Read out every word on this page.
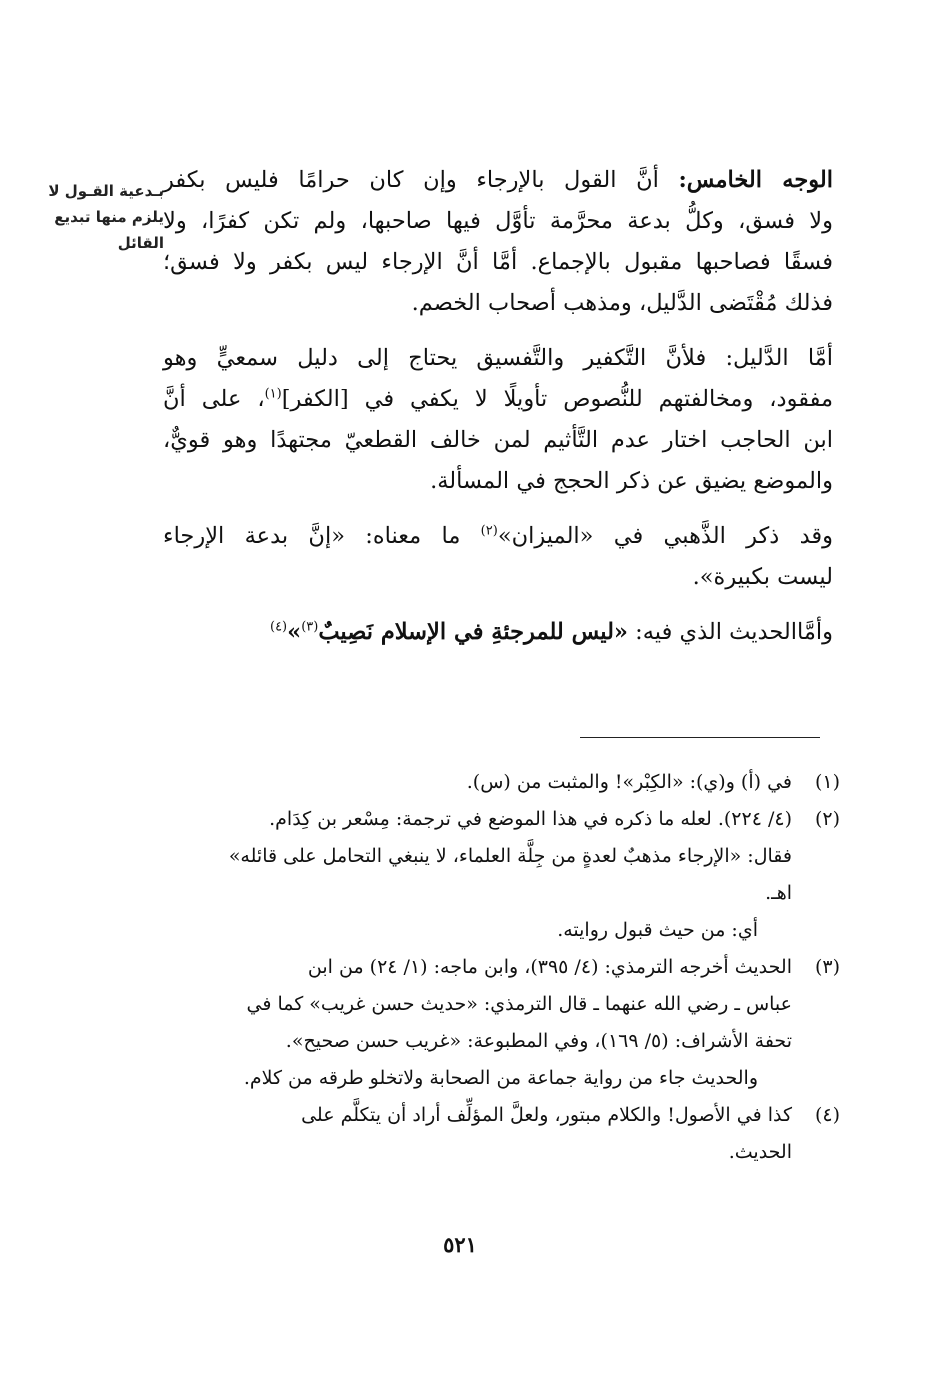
بـدعية القـول لا
يلزم منها تبديع
القائل
الوجه الخامس: أنَّ القول بالإرجاء وإن كان حرامًا فليس بكفر
ولا فسق، وكلُّ بدعة محرَّمة تأوَّل فيها صاحبها، ولم تكن كفرًا، ولا
فسقًا فصاحبها مقبول بالإجماع. أمَّا أنَّ الإرجاء ليس بكفر ولا فسق؛
فذلك مُقْتَضى الدَّليل، ومذهب أصحاب الخصم.
أمَّا الدَّليل: فلأنَّ التَّكفير والتَّفسيق يحتاج إلى دليل سمعيٍّ وهو
مفقود، ومخالفتهم للنُّصوص تأويلًا لا يكفي في [الكفر]$^{(١)}$، على أنَّ
ابن الحاجب اختار عدم التَّأثيم لمن خالف القطعيّ مجتهدًا وهو قويٌّ،
والموضع يضيق عن ذكر الحجج في المسألة.
وقد ذكر الذَّهبي في «الميزان»$^{(٢)}$ ما معناه: «إنَّ بدعة الإرجاء
ليست بكبيرة».
وأمَّاالحديث الذي فيه: «ليس للمرجئةِ في الإسلام نَصِيبٌ$^{(٣)}$»$^{(٤)}$
(١)
في (أ) و(ي): «الكِبْر»! والمثبت من (س).
(٢)
(٤/ ٢٢٤). لعله ما ذكره في هذا الموضع في ترجمة: مِسْعر بن كِدَام.
فقال: «الإرجاء مذهبٌ لعدةٍ من جِلَّة العلماء، لا ينبغي التحامل على قائله»
اهـ.
أي: من حيث قبول روايته.
(٣)
الحديث أخرجه الترمذي: (٤/ ٣٩٥)، وابن ماجه: (١/ ٢٤) من ابن
عباس ـ رضي الله عنهما ـ قال الترمذي: «حديث حسن غريب» كما في
تحفة الأشراف: (٥/ ١٦٩)، وفي المطبوعة: «غريب حسن صحيح».
والحديث جاء من رواية جماعة من الصحابة ولاتخلو طرقه من كلام.
(٤)
كذا في الأصول! والكلام مبتور، ولعلَّ المؤلِّف أراد أن يتكلَّم على
الحديث.
٥٢١
